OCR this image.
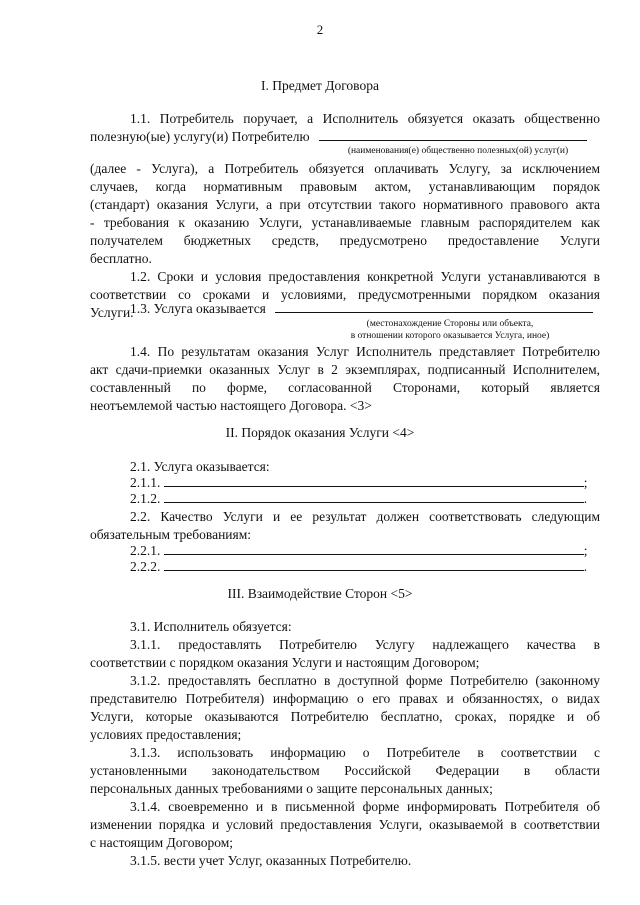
2
I. Предмет Договора
1.1. Потребитель поручает, а Исполнитель обязуется оказать общественно
полезную(ые) услугу(и) Потребителю
(наименования(е) общественно полезных(ой) услуг(и)
(далее - Услуга), а Потребитель обязуется оплачивать Услугу, за исключением
случаев, когда нормативным правовым актом, устанавливающим порядок
(стандарт) оказания Услуги, а при отсутствии такого нормативного правового акта
- требования к оказанию Услуги, устанавливаемые главным распорядителем как
получателем бюджетных средств, предусмотрено предоставление Услуги
бесплатно.
1.2. Сроки и условия предоставления конкретной Услуги устанавливаются в
соответствии со сроками и условиями, предусмотренными порядком оказания
Услуги.
1.3. Услуга оказывается
(местонахождение Стороны или объекта,
в отношении которого оказывается Услуга, иное)
1.4. По результатам оказания Услуг Исполнитель представляет Потребителю
акт сдачи-приемки оказанных Услуг в 2 экземплярах, подписанный Исполнителем,
составленный по форме, согласованной Сторонами, который является
неотъемлемой частью настоящего Договора. <3>
II. Порядок оказания Услуги <4>
2.1. Услуга оказывается:
2.1.1.	;
2.1.2.	.
2.2. Качество Услуги и ее результат должен соответствовать следующим
обязательным требованиям:
2.2.1.	;
2.2.2.	.
III. Взаимодействие Сторон <5>
3.1. Исполнитель обязуется:
3.1.1. предоставлять Потребителю Услугу надлежащего качества в
соответствии с порядком оказания Услуги и настоящим Договором;
3.1.2. предоставлять бесплатно в доступной форме Потребителю (законному
представителю Потребителя) информацию о его правах и обязанностях, о видах
Услуги, которые оказываются Потребителю бесплатно, сроках, порядке и об
условиях предоставления;
3.1.3. использовать информацию о Потребителе в соответствии с
установленными законодательством Российской Федерации в области
персональных данных требованиями о защите персональных данных;
3.1.4. своевременно и в письменной форме информировать Потребителя об
изменении порядка и условий предоставления Услуги, оказываемой в соответствии
с настоящим Договором;
3.1.5. вести учет Услуг, оказанных Потребителю.
